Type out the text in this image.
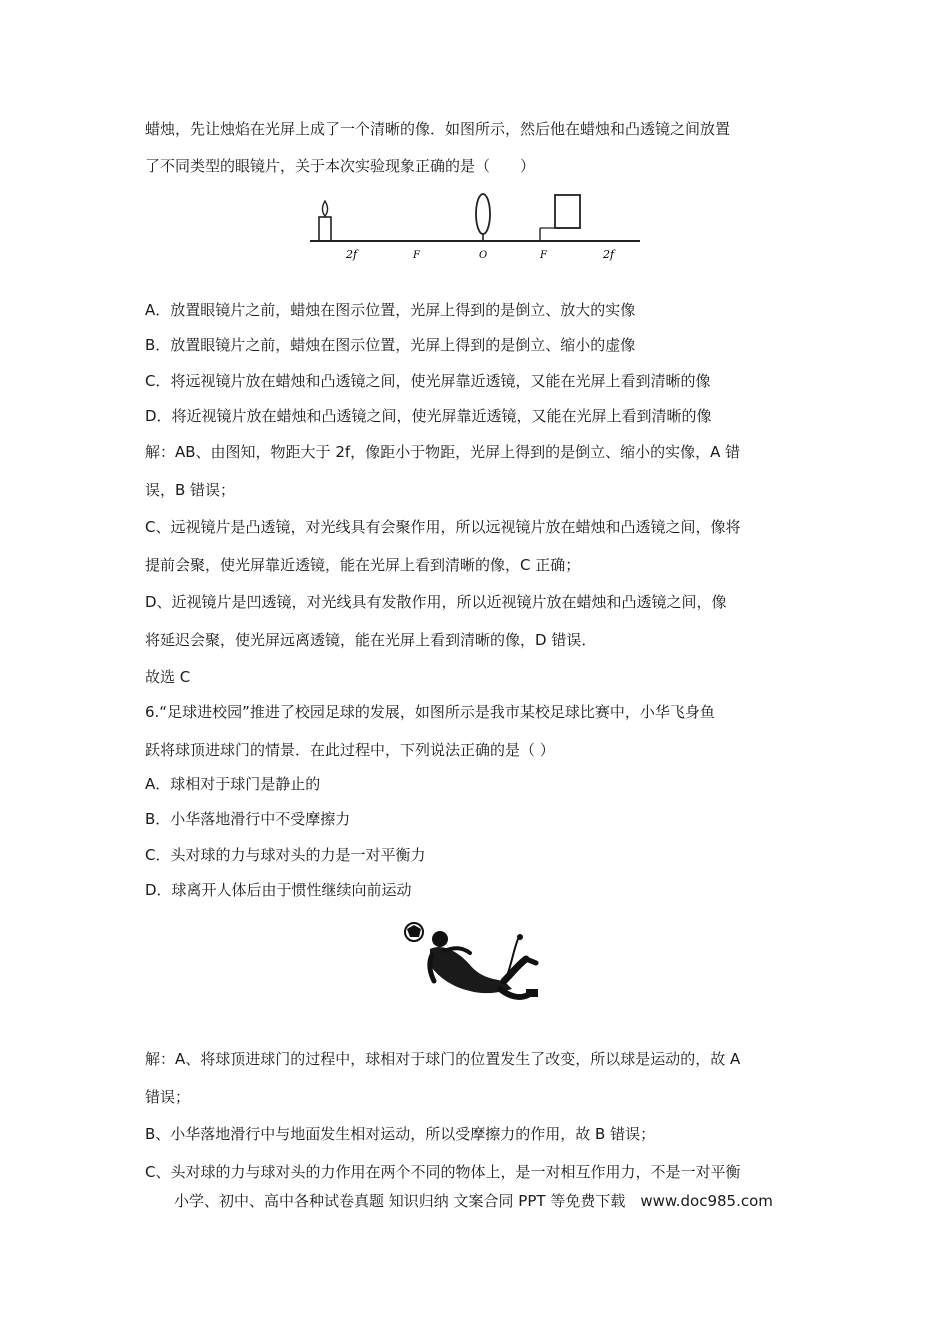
蜡烛，先让烛焰在光屏上成了一个清晰的像．如图所示，然后他在蜡烛和凸透镜之间放置
了不同类型的眼镜片，关于本次实验现象正确的是（　　）
2f	F	O	F	2f
A．放置眼镜片之前，蜡烛在图示位置，光屏上得到的是倒立、放大的实像
B．放置眼镜片之前，蜡烛在图示位置，光屏上得到的是倒立、缩小的虚像
C．将远视镜片放在蜡烛和凸透镜之间，使光屏靠近透镜，又能在光屏上看到清晰的像
D．将近视镜片放在蜡烛和凸透镜之间，使光屏靠近透镜，又能在光屏上看到清晰的像
解：AB、由图知，物距大于 2f，像距小于物距，光屏上得到的是倒立、缩小的实像，A 错
误，B 错误；
C、远视镜片是凸透镜，对光线具有会聚作用，所以远视镜片放在蜡烛和凸透镜之间，像将
提前会聚，使光屏靠近透镜，能在光屏上看到清晰的像，C 正确；
D、近视镜片是凹透镜，对光线具有发散作用，所以近视镜片放在蜡烛和凸透镜之间，像
将延迟会聚，使光屏远离透镜，能在光屏上看到清晰的像，D 错误．
故选 C
6.“足球进校园”推进了校园足球的发展，如图所示是我市某校足球比赛中，小华飞身鱼
跃将球顶进球门的情景．在此过程中，下列说法正确的是（ ）
A．球相对于球门是静止的
B．小华落地滑行中不受摩擦力
C．头对球的力与球对头的力是一对平衡力
D．球离开人体后由于惯性继续向前运动
解：A、将球顶进球门的过程中，球相对于球门的位置发生了改变，所以球是运动的，故 A
错误；
B、小华落地滑行中与地面发生相对运动，所以受摩擦力的作用，故 B 错误；
C、头对球的力与球对头的力作用在两个不同的物体上，是一对相互作用力，不是一对平衡
小学、初中、高中各种试卷真题 知识归纳 文案合同 PPT 等免费下载　www.doc985.com
